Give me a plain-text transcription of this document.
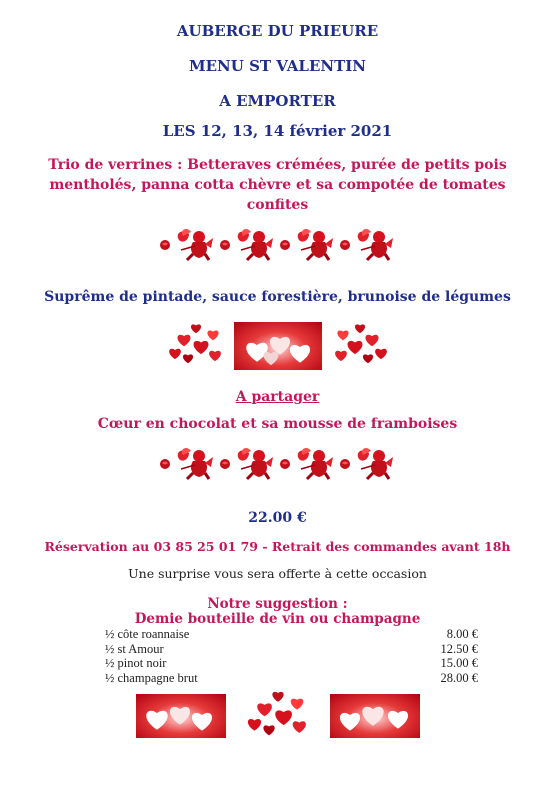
AUBERGE DU PRIEURE
MENU ST VALENTIN
A EMPORTER
LES 12, 13, 14 février 2021
Trio de verrines : Betteraves crémées, purée de petits pois
mentholés, panna cotta chèvre et sa compotée de tomates
confites
Suprême de pintade, sauce forestière, brunoise de légumes
A partager
Cœur en chocolat et sa mousse de framboises
22.00 €
Réservation au 03 85 25 01 79 - Retrait des commandes avant 18h
Une surprise vous sera offerte à cette occasion
Notre suggestion :
Demie bouteille de vin ou champagne
½ côte roannaise	8.00 €
½ st Amour	12.50 €
½ pinot noir	15.00 €
½ champagne brut	28.00 €
